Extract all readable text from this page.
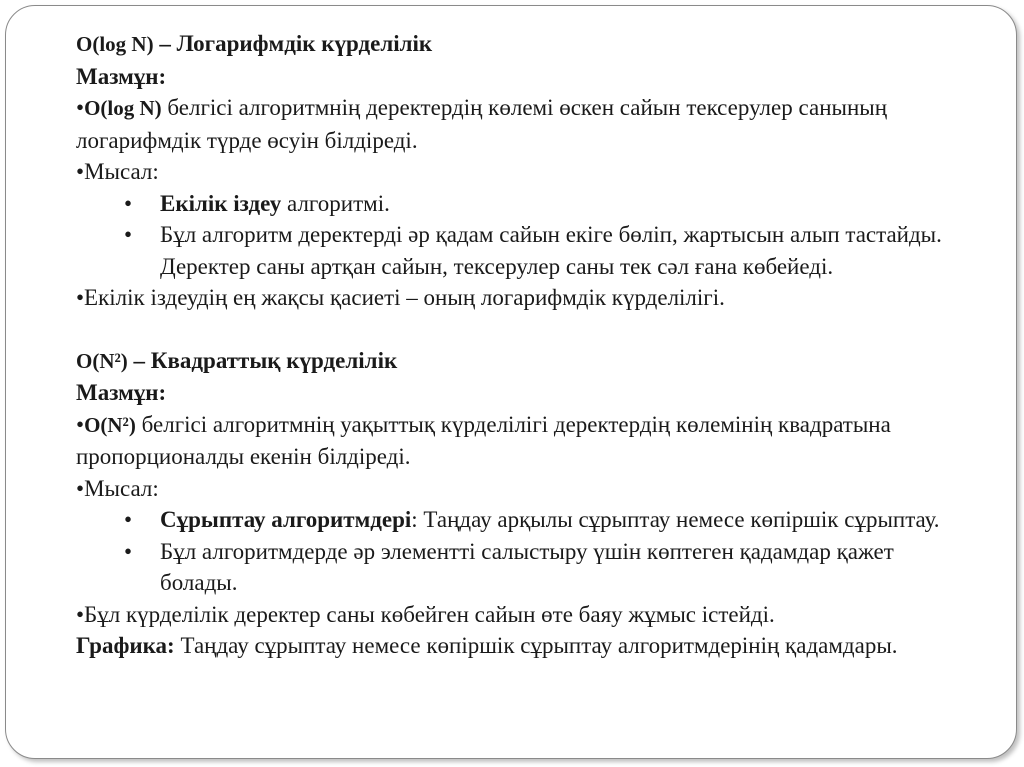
O(log N) – Логарифмдік күрделілік

Мазмұн:

•O(log N) белгісі алгоритмнің деректердің көлемі өскен сайын тексерулер санының логарифмдік түрде өсуін білдіреді.

•Мысал:

• Екілік іздеу алгоритмі.

• Бұл алгоритм деректерді әр қадам сайын екіге бөліп, жартысын алып тастайды. Деректер саны артқан сайын, тексерулер саны тек сәл ғана көбейеді.

•Екілік іздеудің ең жақсы қасиеті – оның логарифмдік күрделілігі.

O(N²) – Квадраттық күрделілік

Мазмұн:

•O(N²) белгісі алгоритмнің уақыттық күрделілігі деректердің көлемінің квадратына пропорционалды екенін білдіреді.

•Мысал:

• Сұрыптау алгоритмдері: Таңдау арқылы сұрыптау немесе көпіршік сұрыптау.

• Бұл алгоритмдерде әр элементті салыстыру үшін көптеген қадамдар қажет болады.

•Бұл күрделілік деректер саны көбейген сайын өте баяу жұмыс істейді.

Графика: Таңдау сұрыптау немесе көпіршік сұрыптау алгоритмдерінің қадамдары.
